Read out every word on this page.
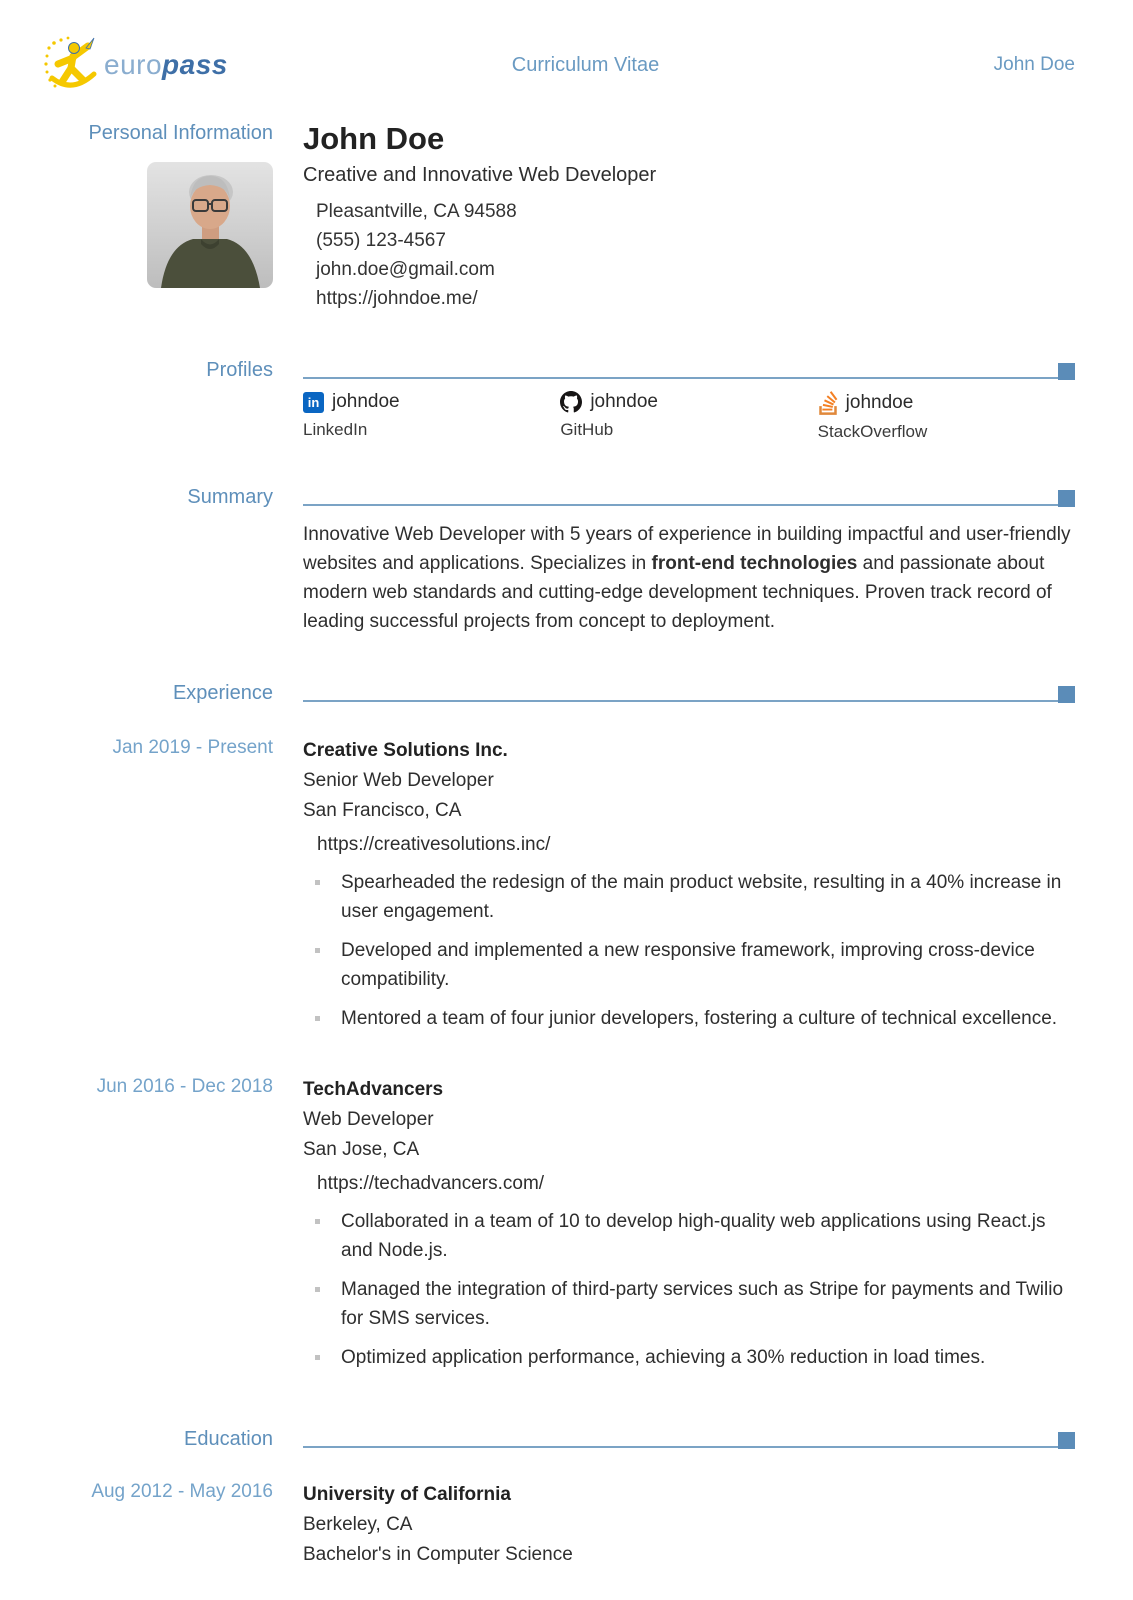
europass	Curriculum Vitae	John Doe
Personal Information John Doe
Creative and Innovative Web Developer
Pleasantville, CA 94588
(555) 123-4567
john.doe@gmail.com
https://johndoe.me/
Profiles
in johndoe
LinkedIn
johndoe
GitHub
johndoe
StackOverflow
Summary
Innovative Web Developer with 5 years of experience in building impactful and user-friendly websites and applications. Specializes in front-end technologies and passionate about modern web standards and cutting-edge development techniques. Proven track record of leading successful projects from concept to deployment.
Experience
Jan 2019 - Present Creative Solutions Inc.
Senior Web Developer
San Francisco, CA
https://creativesolutions.inc/
Spearheaded the redesign of the main product website, resulting in a 40% increase in user engagement.
Developed and implemented a new responsive framework, improving cross-device compatibility.
Mentored a team of four junior developers, fostering a culture of technical excellence.
Jun 2016 - Dec 2018 TechAdvancers
Web Developer
San Jose, CA
https://techadvancers.com/
Collaborated in a team of 10 to develop high-quality web applications using React.js and Node.js.
Managed the integration of third-party services such as Stripe for payments and Twilio for SMS services.
Optimized application performance, achieving a 30% reduction in load times.
Education
Aug 2012 - May 2016 University of California
Berkeley, CA
Bachelor's in Computer Science
